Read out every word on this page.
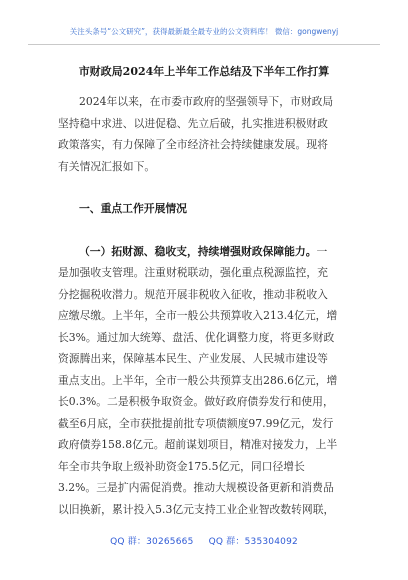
关注头条号“公文研究”，获得最新最全最专业的公文资料库！ 微信：gongwenyj
市财政局2024年上半年工作总结及下半年工作打算
2024年以来，在市委市政府的坚强领导下，市财政局
坚持稳中求进、以进促稳、先立后破，扎实推进积极财政
政策落实，有力保障了全市经济社会持续健康发展。现将
有关情况汇报如下。
一、重点工作开展情况
（一）拓财源、稳收支，持续增强财政保障能力。一
是加强收支管理。注重财税联动，强化重点税源监控，充
分挖掘税收潜力。规范开展非税收入征收，推动非税收入
应缴尽缴。上半年，全市一般公共预算收入213.4亿元，增
长3%。通过加大统筹、盘活、优化调整力度，将更多财政
资源腾出来，保障基本民生、产业发展、人民城市建设等
重点支出。上半年，全市一般公共预算支出286.6亿元，增
长0.3%。二是积极争取资金。做好政府债券发行和使用，
截至6月底，全市获批提前批专项债额度97.99亿元，发行
政府债券158.8亿元。超前谋划项目，精准对接发力，上半
年全市共争取上级补助资金175.5亿元，同口径增长
3.2%。三是扩内需促消费。推动大规模设备更新和消费品
以旧换新，累计投入5.3亿元支持工业企业智改数转网联，
QQ 群：30265665 QQ 群：535304092
